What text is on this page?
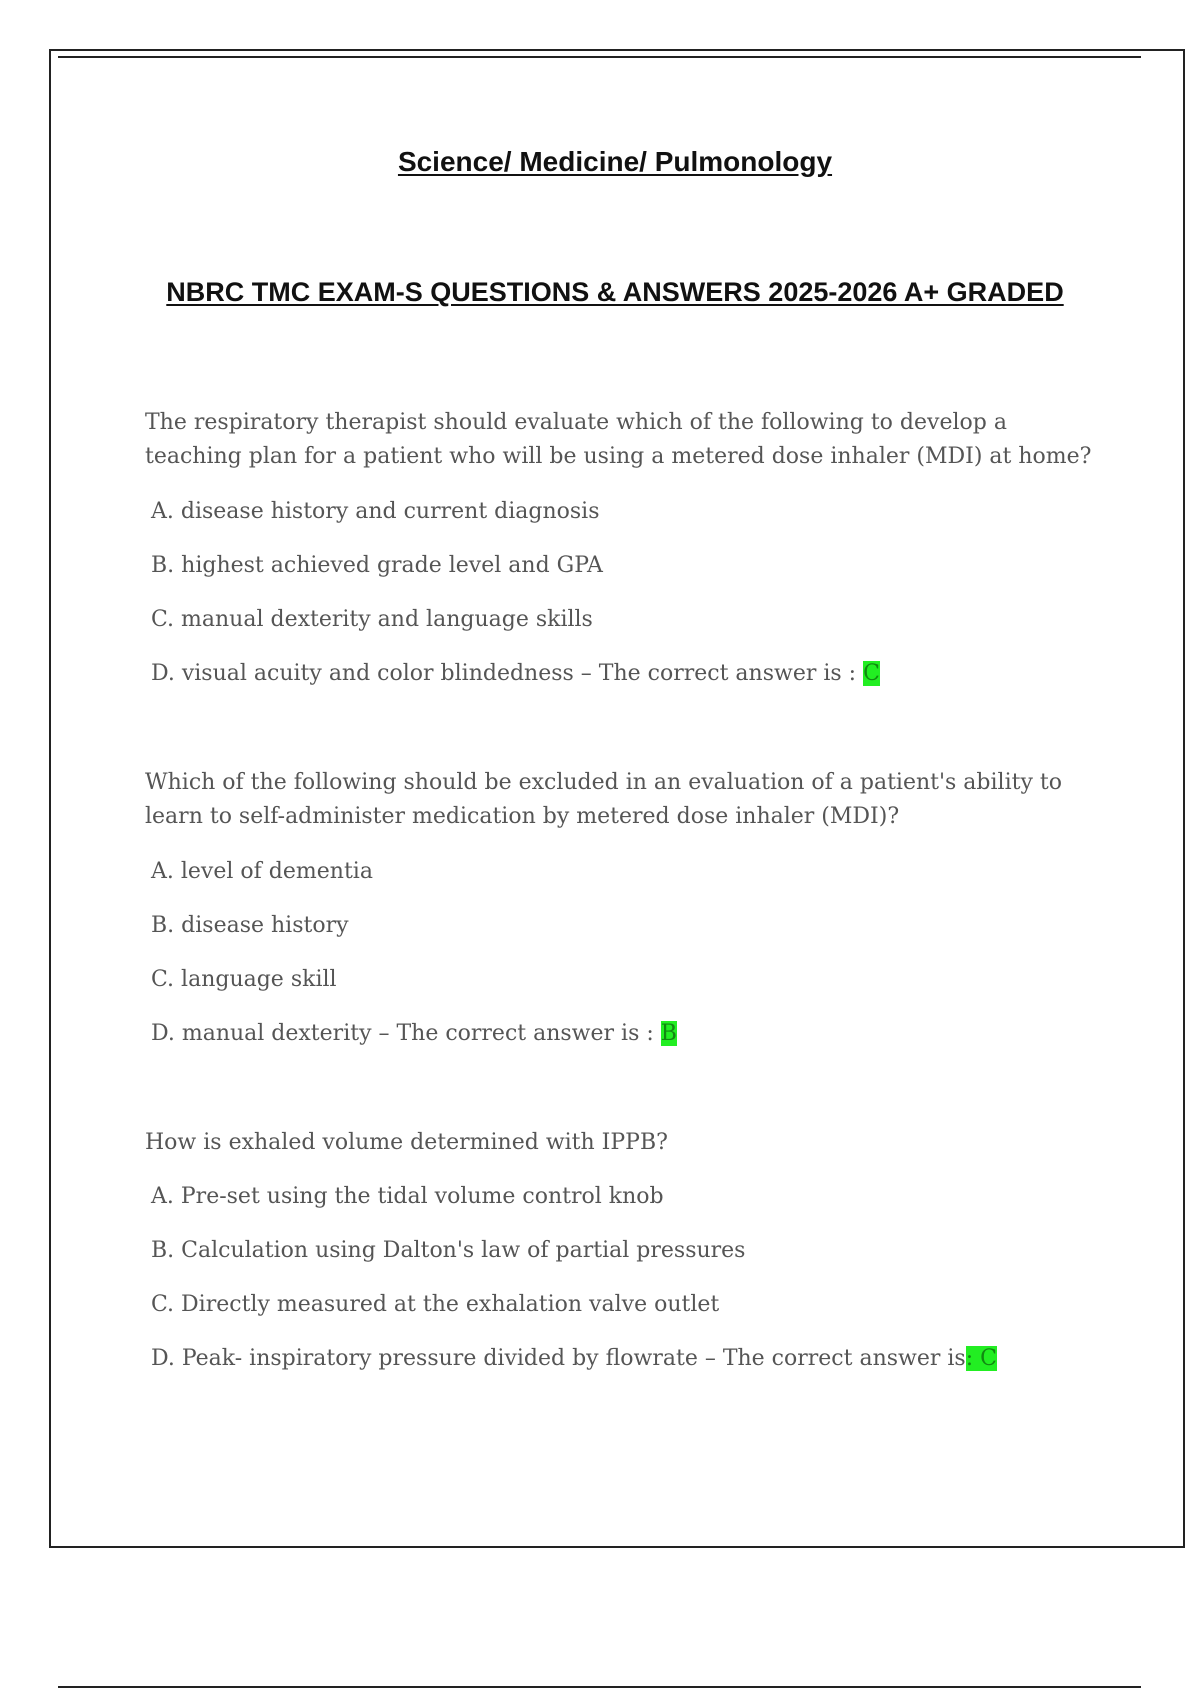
Science/ Medicine/ Pulmonology
NBRC TMC EXAM-S QUESTIONS & ANSWERS 2025-2026 A+ GRADED

The respiratory therapist should evaluate which of the following to develop a teaching plan for a patient who will be using a metered dose inhaler (MDI) at home?

A. disease history and current diagnosis
B. highest achieved grade level and GPA
C. manual dexterity and language skills
D. visual acuity and color blindedness – The correct answer is : C

Which of the following should be excluded in an evaluation of a patient's ability to learn to self-administer medication by metered dose inhaler (MDI)?

A. level of dementia
B. disease history
C. language skill
D. manual dexterity – The correct answer is : B

How is exhaled volume determined with IPPB?

A. Pre-set using the tidal volume control knob
B. Calculation using Dalton's law of partial pressures
C. Directly measured at the exhalation valve outlet
D. Peak- inspiratory pressure divided by flowrate – The correct answer is: C
